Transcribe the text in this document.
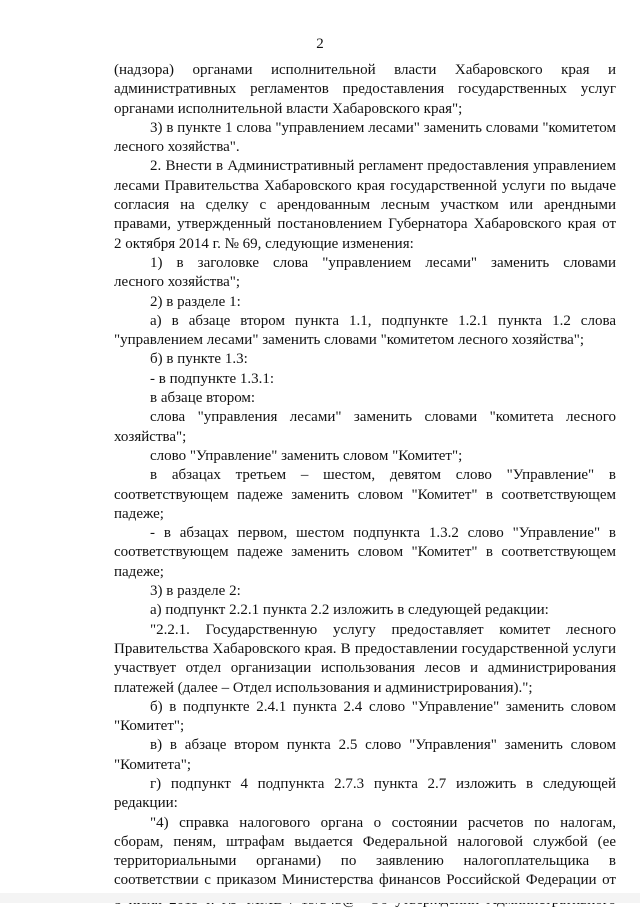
2
(надзора) органами исполнительной власти Хабаровского края и
административных регламентов предоставления государственных услуг
органами исполнительной власти Хабаровского края";
3) в пункте 1 слова "управлением лесами" заменить словами "комитетом
лесного хозяйства".
2. Внести в Административный регламент предоставления управлением
лесами Правительства Хабаровского края государственной услуги по выдаче
согласия на сделку с арендованным лесным участком или арендными
правами, утвержденный постановлением Губернатора Хабаровского края от
2 октября 2014 г. № 69, следующие изменения:
1) в заголовке слова "управлением лесами" заменить словами
лесного хозяйства";
2) в разделе 1:
а) в абзаце втором пункта 1.1, подпункте 1.2.1 пункта 1.2 слова
"управлением лесами" заменить словами "комитетом лесного хозяйства";
б) в пункте 1.3:
- в подпункте 1.3.1:
в абзаце втором:
слова "управления лесами" заменить словами "комитета лесного
хозяйства";
слово "Управление" заменить словом "Комитет";
в абзацах третьем – шестом, девятом слово "Управление" в
соответствующем падеже заменить словом "Комитет" в соответствующем
падеже;
- в абзацах первом, шестом подпункта 1.3.2 слово "Управление" в
соответствующем падеже заменить словом "Комитет" в соответствующем
падеже;
3) в разделе 2:
а) подпункт 2.2.1 пункта 2.2 изложить в следующей редакции:
"2.2.1. Государственную услугу предоставляет комитет лесного
Правительства Хабаровского края. В предоставлении государственной услуги
участвует отдел организации использования лесов и администрирования
платежей (далее – Отдел использования и администрирования).";
б) в подпункте 2.4.1 пункта 2.4 слово "Управление" заменить словом
"Комитет";
в) в абзаце втором пункта 2.5 слово "Управления" заменить словом
"Комитета";
г) подпункт 4 подпункта 2.7.3 пункта 2.7 изложить в следующей
редакции:
"4) справка налогового органа о состоянии расчетов по налогам,
сборам, пеням, штрафам выдается Федеральной налоговой службой (ее
территориальными органами) по заявлению налогоплательщика в
соответствии с приказом Министерства финансов Российской Федерации от
